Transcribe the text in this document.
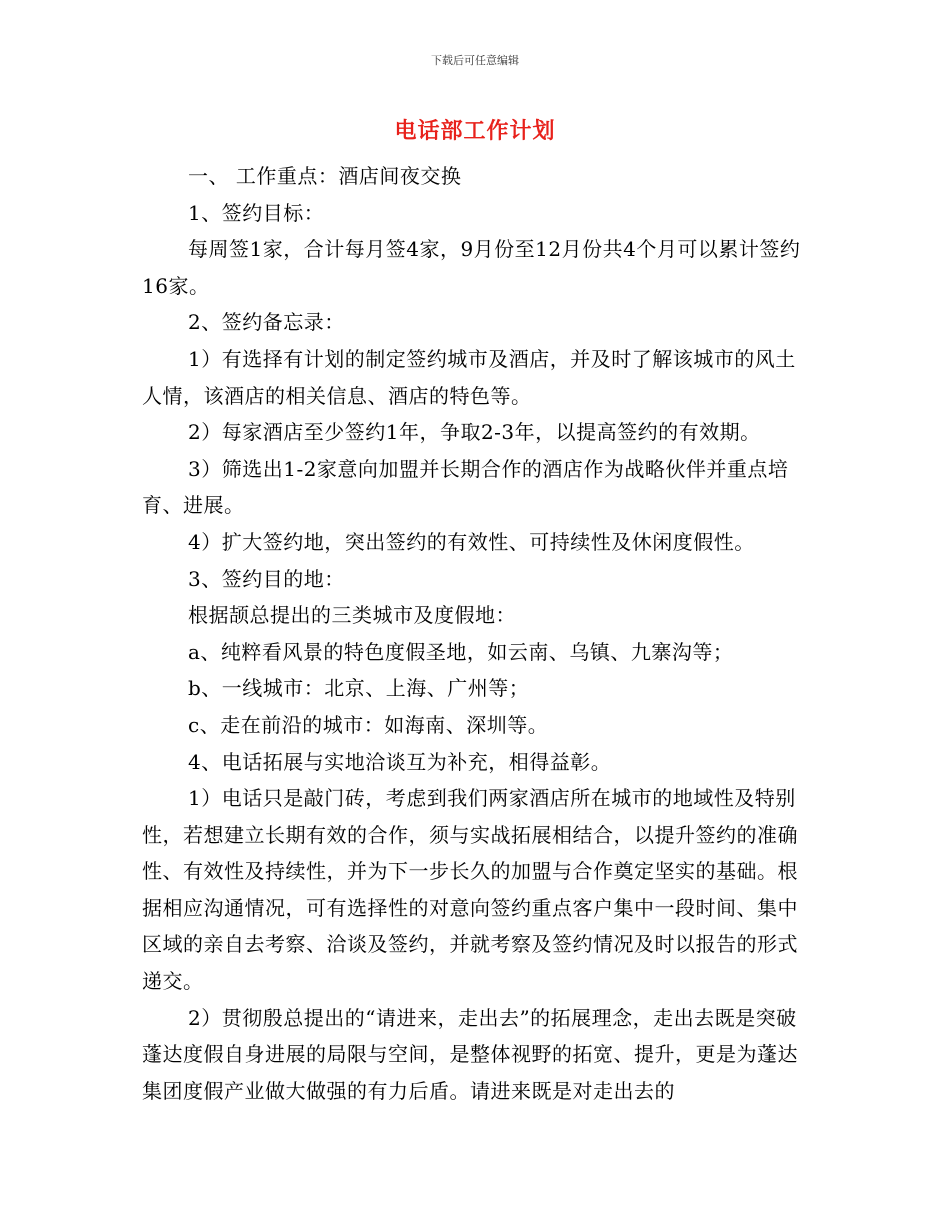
下载后可任意编辑
电话部工作计划

一、 工作重点：酒店间夜交换

1、签约目标：

每周签1家，合计每月签4家，9月份至12月份共4个月可以累计签约16家。

2、签约备忘录：

1）有选择有计划的制定签约城市及酒店，并及时了解该城市的风土人情，该酒店的相关信息、酒店的特色等。

2）每家酒店至少签约1年，争取2-3年，以提高签约的有效期。

3）筛选出1-2家意向加盟并长期合作的酒店作为战略伙伴并重点培育、进展。

4）扩大签约地，突出签约的有效性、可持续性及休闲度假性。

3、签约目的地：

根据颉总提出的三类城市及度假地：

a、纯粹看风景的特色度假圣地，如云南、乌镇、九寨沟等；

b、一线城市：北京、上海、广州等；

c、走在前沿的城市：如海南、深圳等。

4、电话拓展与实地洽谈互为补充，相得益彰。

1）电话只是敲门砖，考虑到我们两家酒店所在城市的地域性及特别性，若想建立长期有效的合作，须与实战拓展相结合，以提升签约的准确性、有效性及持续性，并为下一步长久的加盟与合作奠定坚实的基础。根据相应沟通情况，可有选择性的对意向签约重点客户集中一段时间、集中区域的亲自去考察、洽谈及签约，并就考察及签约情况及时以报告的形式递交。

2）贯彻殷总提出的“请进来，走出去”的拓展理念，走出去既是突破蓬达度假自身进展的局限与空间，是整体视野的拓宽、提升，更是为蓬达集团度假产业做大做强的有力后盾。请进来既是对走出去的
